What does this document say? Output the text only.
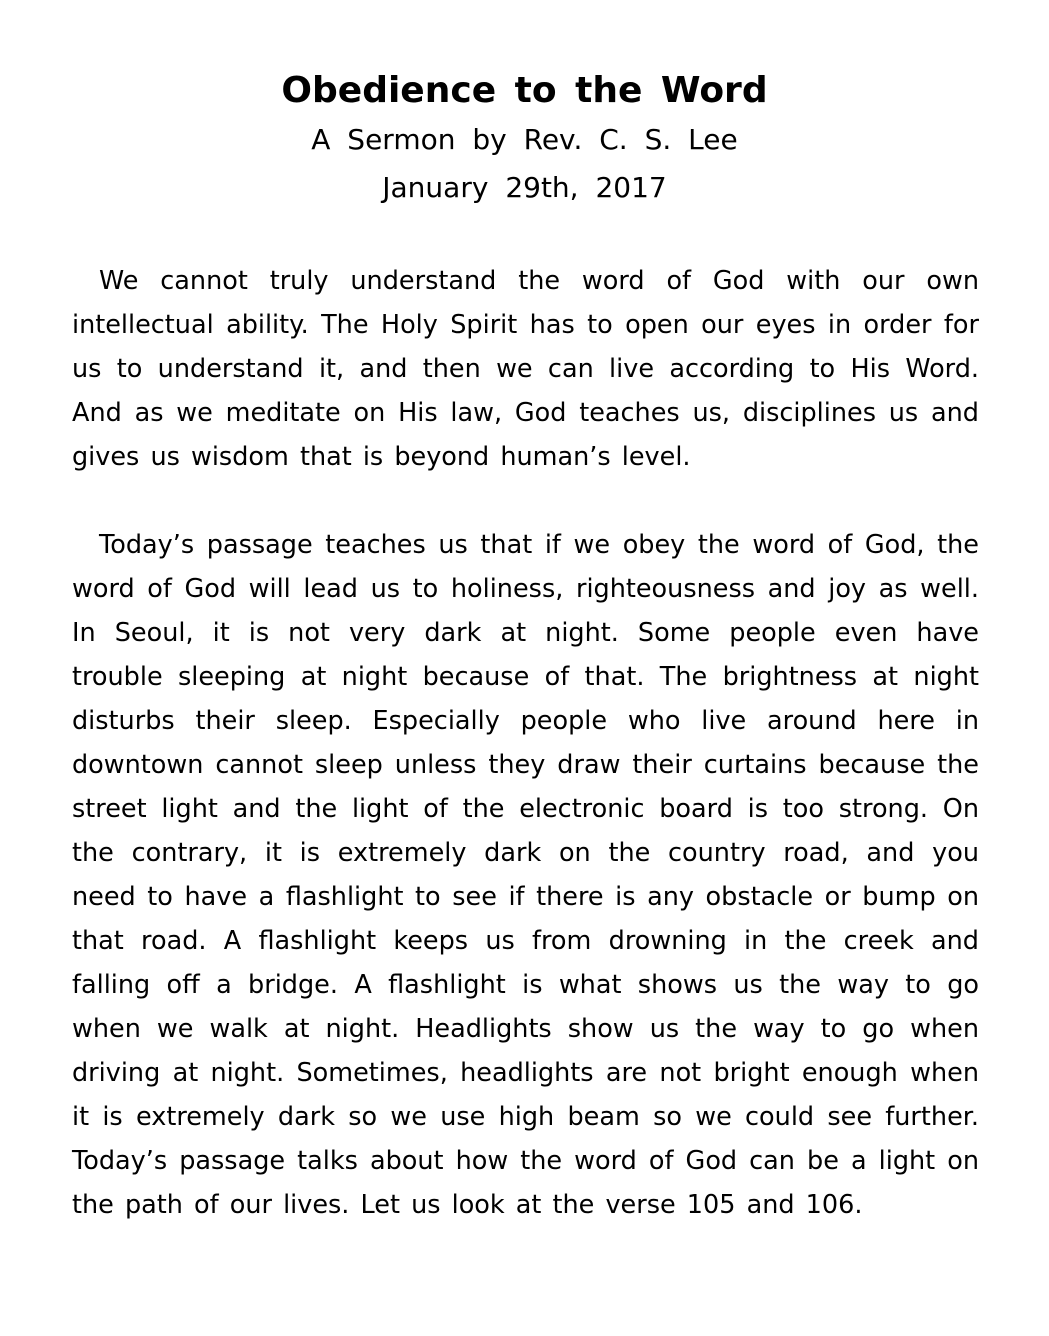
Obedience to the Word

A Sermon by Rev. C. S. Lee

January 29th, 2017

We cannot truly understand the word of God with our own intellectual ability. The Holy Spirit has to open our eyes in order for us to understand it, and then we can live according to His Word. And as we meditate on His law, God teaches us, disciplines us and gives us wisdom that is beyond human’s level.

Today’s passage teaches us that if we obey the word of God, the word of God will lead us to holiness, righteousness and joy as well. In Seoul, it is not very dark at night. Some people even have trouble sleeping at night because of that. The brightness at night disturbs their sleep. Especially people who live around here in downtown cannot sleep unless they draw their curtains because the street light and the light of the electronic board is too strong. On the contrary, it is extremely dark on the country road, and you need to have a flashlight to see if there is any obstacle or bump on that road. A flashlight keeps us from drowning in the creek and falling off a bridge. A flashlight is what shows us the way to go when we walk at night. Headlights show us the way to go when driving at night. Sometimes, headlights are not bright enough when it is extremely dark so we use high beam so we could see further. Today’s passage talks about how the word of God can be a light on the path of our lives. Let us look at the verse 105 and 106.
